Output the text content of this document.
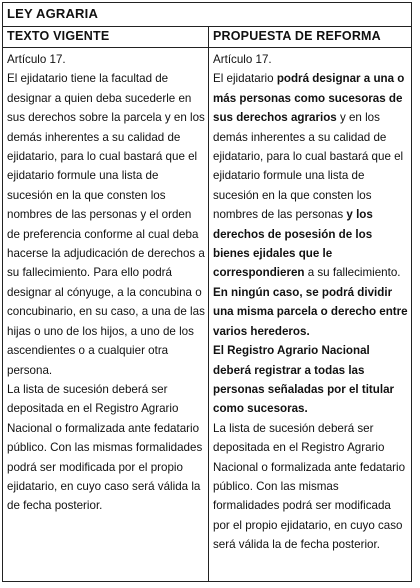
LEY AGRARIA
TEXTO VIGENTE

Artículo 17.

El ejidatario tiene la facultad de designar a quien deba sucederle en sus derechos sobre la parcela y en los demás inherentes a su calidad de ejidatario, para lo cual bastará que el ejidatario formule una lista de sucesión en la que consten los nombres de las personas y el orden de preferencia conforme al cual deba hacerse la adjudicación de derechos a su fallecimiento. Para ello podrá designar al cónyuge, a la concubina o concubinario, en su caso, a una de las hijas o uno de los hijos, a uno de los ascendientes o a cualquier otra persona.

La lista de sucesión deberá ser depositada en el Registro Agrario Nacional o formalizada ante fedatario público. Con las mismas formalidades podrá ser modificada por el propio ejidatario, en cuyo caso será válida la de fecha posterior.

PROPUESTA DE REFORMA

Artículo 17.

El ejidatario podrá designar a una o más personas como sucesoras de sus derechos agrarios y en los demás inherentes a su calidad de ejidatario, para lo cual bastará que el ejidatario formule una lista de sucesión en la que consten los nombres de las personas y los derechos de posesión de los bienes ejidales que le correspondieren a su fallecimiento.

En ningún caso, se podrá dividir una misma parcela o derecho entre varios herederos.

El Registro Agrario Nacional deberá registrar a todas las personas señaladas por el titular como sucesoras.

La lista de sucesión deberá ser depositada en el Registro Agrario Nacional o formalizada ante fedatario público. Con las mismas formalidades podrá ser modificada por el propio ejidatario, en cuyo caso será válida la de fecha posterior.
